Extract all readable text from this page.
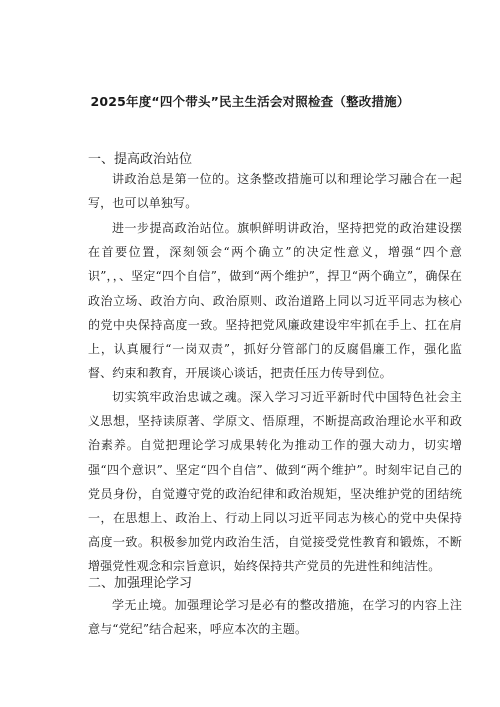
2025年度“四个带头”民主生活会对照检查（整改措施）
一、提高政治站位
讲政治总是第一位的。这条整改措施可以和理论学习融合在一起写，也可以单独写。
进一步提高政治站位。旗帜鲜明讲政治，坚持把党的政治建设摆在首要位置，深刻领会“两个确立”的决定性意义，增强“四个意识”，，、坚定“四个自信”，做到“两个维护”，捍卫“两个确立”，确保在政治立场、政治方向、政治原则、政治道路上同以习近平同志为核心的党中央保持高度一致。坚持把党风廉政建设牢牢抓在手上、扛在肩上，认真履行“一岗双责”，抓好分管部门的反腐倡廉工作，强化监督、约束和教育，开展谈心谈话，把责任压力传导到位。
切实筑牢政治忠诚之魂。深入学习习近平新时代中国特色社会主义思想，坚持读原著、学原文、悟原理，不断提高政治理论水平和政治素养。自觉把理论学习成果转化为推动工作的强大动力，切实增强“四个意识”、坚定“四个自信”、做到“两个维护”。时刻牢记自己的党员身份，自觉遵守党的政治纪律和政治规矩，坚决维护党的团结统一，在思想上、政治上、行动上同以习近平同志为核心的党中央保持高度一致。积极参加党内政治生活，自觉接受党性教育和锻炼，不断增强党性观念和宗旨意识，始终保持共产党员的先进性和纯洁性。
二、加强理论学习
学无止境。加强理论学习是必有的整改措施，在学习的内容上注意与“党纪”结合起来，呼应本次的主题。
